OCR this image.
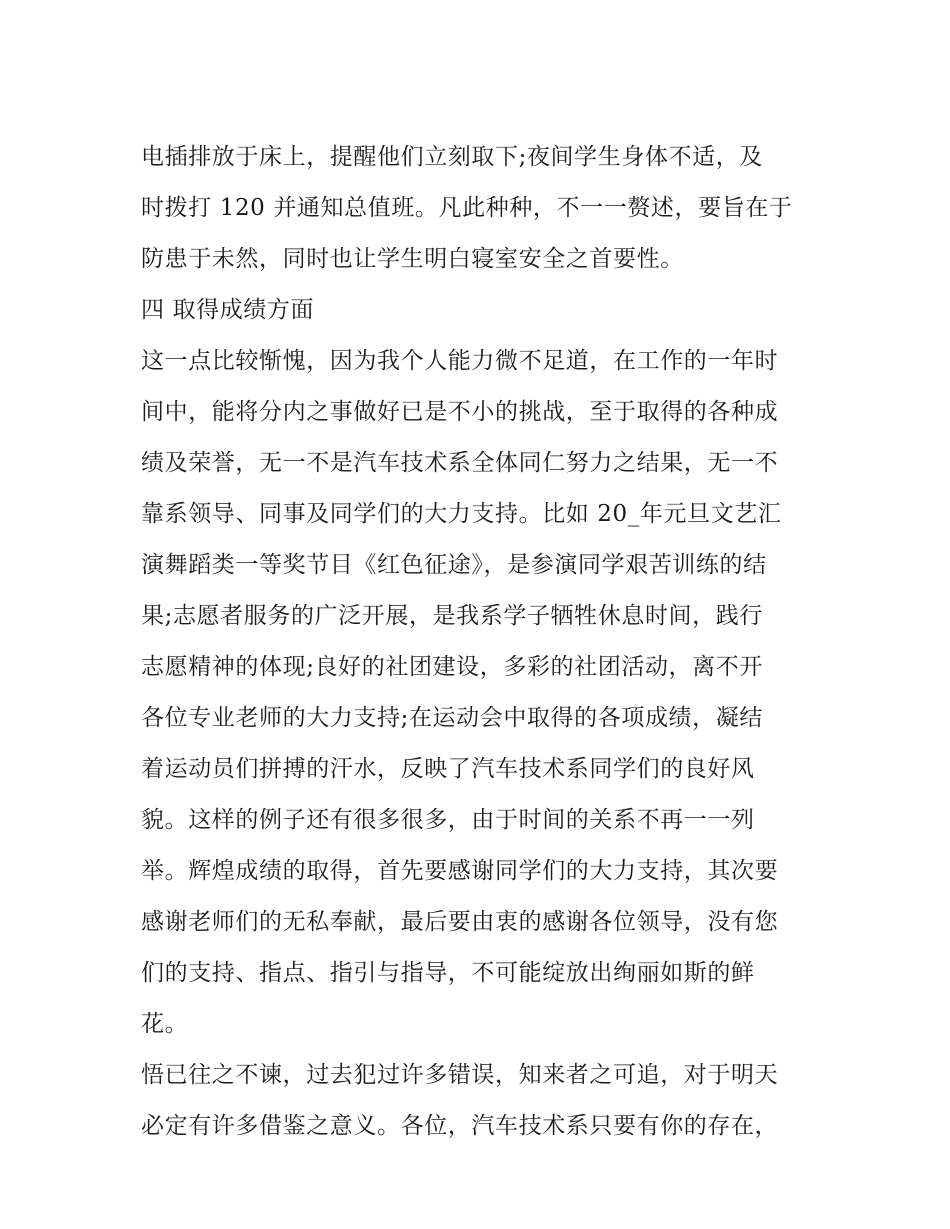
电插排放于床上，提醒他们立刻取下;夜间学生身体不适，及
时拨打 120 并通知总值班。凡此种种，不一一赘述，要旨在于
防患于未然，同时也让学生明白寝室安全之首要性。
四 取得成绩方面
这一点比较惭愧，因为我个人能力微不足道，在工作的一年时
间中，能将分内之事做好已是不小的挑战，至于取得的各种成
绩及荣誉，无一不是汽车技术系全体同仁努力之结果，无一不
靠系领导、同事及同学们的大力支持。比如 20_年元旦文艺汇
演舞蹈类一等奖节目《红色征途》，是参演同学艰苦训练的结
果;志愿者服务的广泛开展，是我系学子牺牲休息时间，践行
志愿精神的体现;良好的社团建设，多彩的社团活动，离不开
各位专业老师的大力支持;在运动会中取得的各项成绩，凝结
着运动员们拼搏的汗水，反映了汽车技术系同学们的良好风
貌。这样的例子还有很多很多，由于时间的关系不再一一列
举。辉煌成绩的取得，首先要感谢同学们的大力支持，其次要
感谢老师们的无私奉献，最后要由衷的感谢各位领导，没有您
们的支持、指点、指引与指导，不可能绽放出绚丽如斯的鲜
花。
悟已往之不谏，过去犯过许多错误，知来者之可追，对于明天
必定有许多借鉴之意义。各位，汽车技术系只要有你的存在，
